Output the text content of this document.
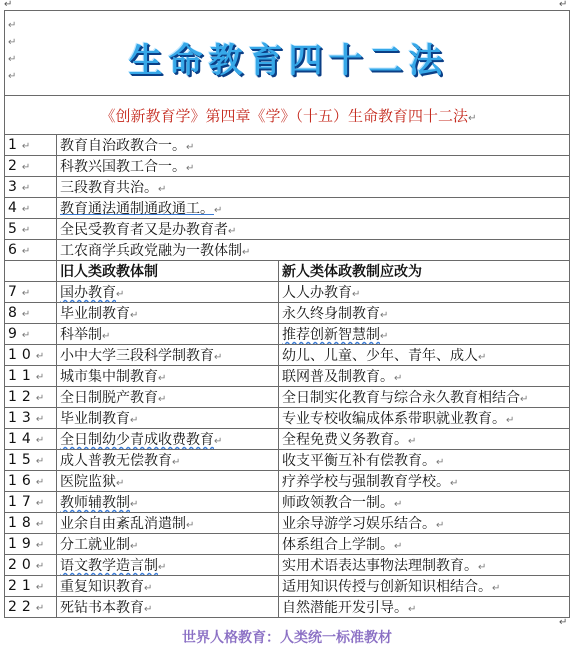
↵	↵
↵
↵
↵
↵ 生命教育四十二法		

《创新教育学》第四章《学》（十五）生命教育四十二法↵		
1↵	教育自治政教合一。↵	
2↵	科教兴国教工合一。↵	
3↵	三段教育共治。↵	
4↵	教育通法通制通政通工。↵	
5↵	全民受教育者又是办教育者↵	
6↵	工农商学兵政党融为一教体制↵	
	旧人类政教体制	新人类体政教制应改为
7↵	国办教育↵	人人办教育↵
8↵	毕业制教育↵	永久终身制教育↵
9↵	科举制↵	推荐创新智慧制↵
10↵	小中大学三段科学制教育↵	幼儿、儿童、少年、青年、成人↵
11↵	城市集中制教育↵	联网普及制教育。↵
12↵	全日制脱产教育↵	全日制实化教育与综合永久教育相结合↵
13↵	毕业制教育↵	专业专校收编成体系带职就业教育。↵
14↵	全日制幼少青成收费教育↵	全程免费义务教育。↵
15↵	成人普教无偿教育↵	收支平衡互补有偿教育。↵
16↵	医院监狱↵	疗养学校与强制教育学校。↵
17↵	教师辅教制↵	师政领教合一制。↵
18↵	业余自由紊乱消遣制↵	业余导游学习娱乐结合。↵
19↵	分工就业制↵	体系组合上学制。↵
20↵	语文教学造言制↵	实用术语表达事物法理制教育。↵
21↵	重复知识教育↵	适用知识传授与创新知识相结合。↵
22↵	死钻书本教育↵	自然潜能开发引导。↵
↵
世界人格教育：人类统一标准教材
